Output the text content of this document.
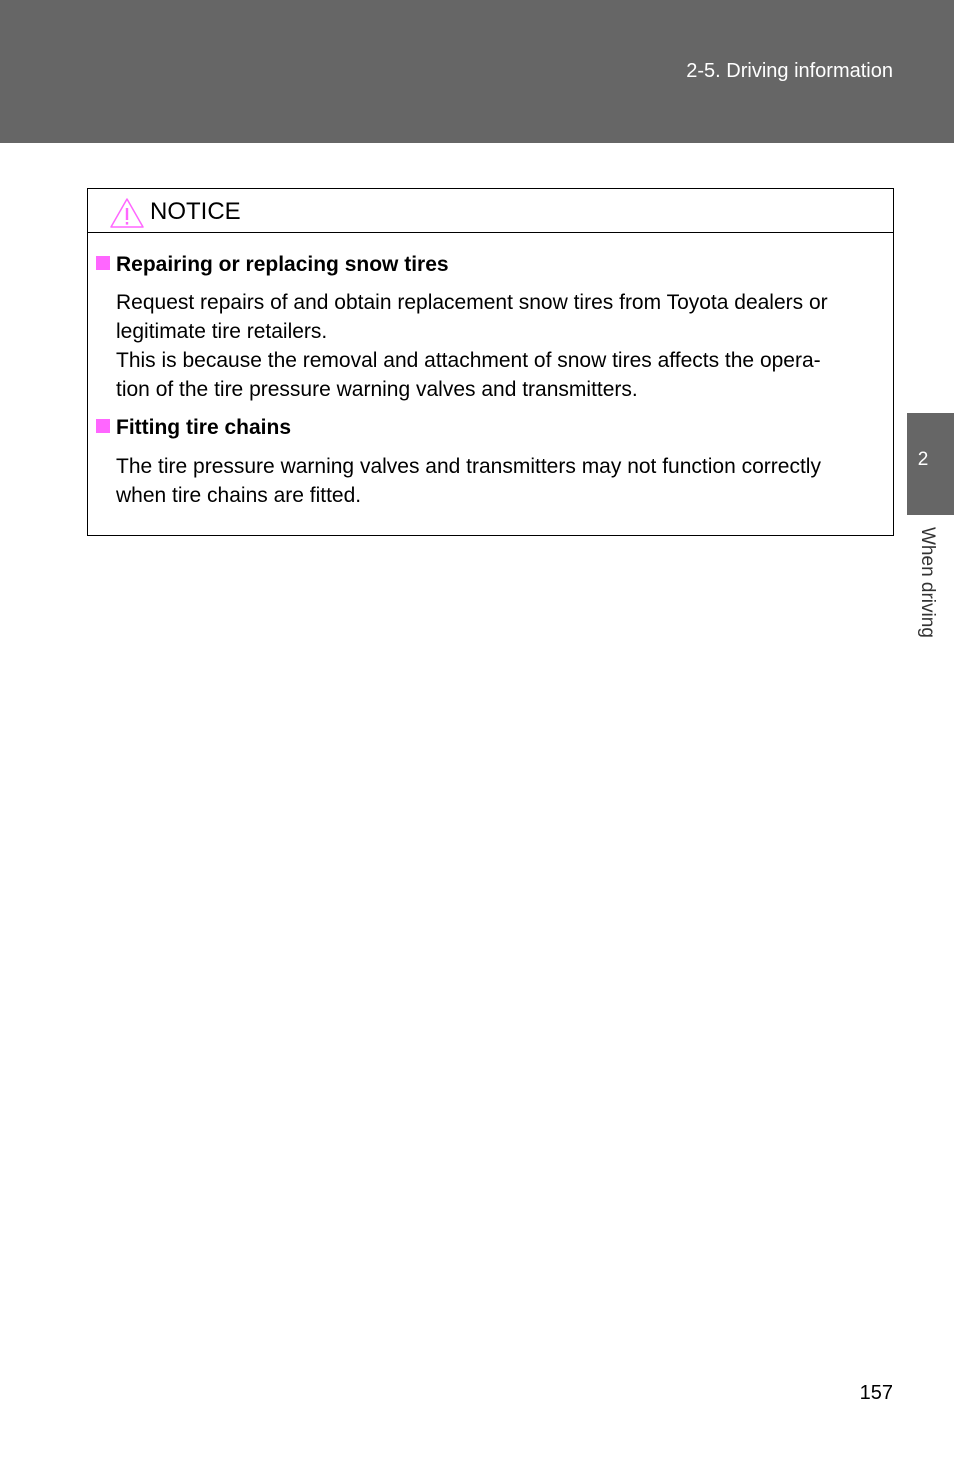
2-5. Driving information
2
When driving
NOTICE
Repairing or replacing snow tires
Request repairs of and obtain replacement snow tires from Toyota dealers or
legitimate tire retailers.
This is because the removal and attachment of snow tires affects the opera-
tion of the tire pressure warning valves and transmitters.
Fitting tire chains
The tire pressure warning valves and transmitters may not function correctly
when tire chains are fitted.
157
